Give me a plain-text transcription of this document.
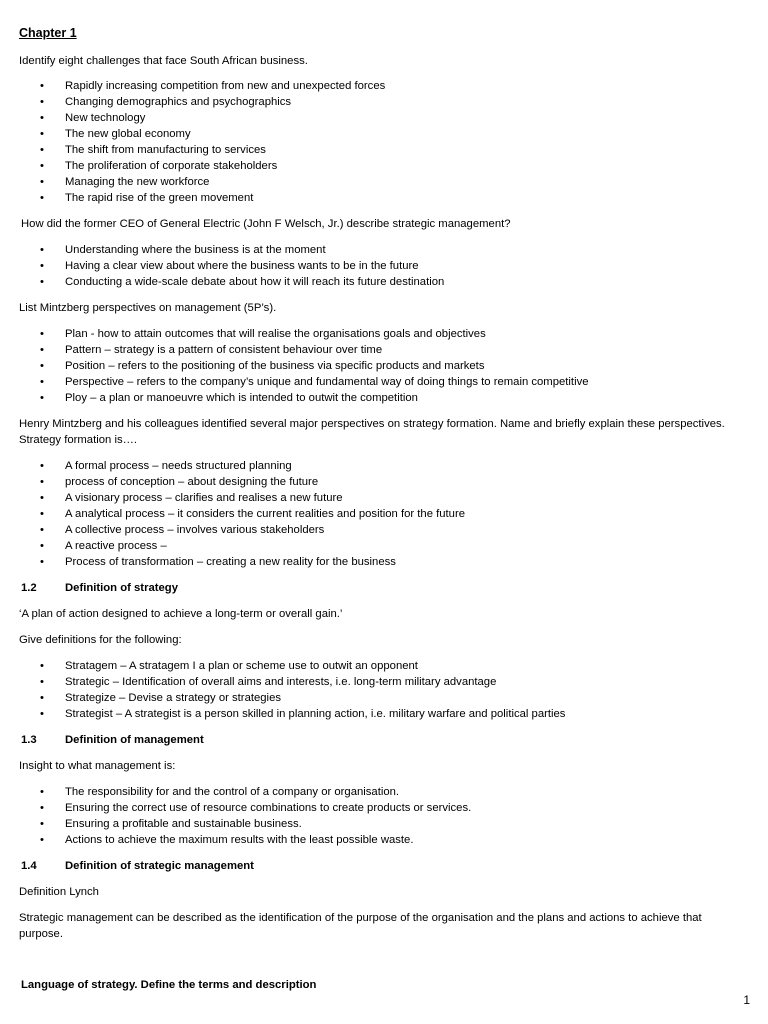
Chapter 1

Identify eight challenges that face South African business.

• Rapidly increasing competition from new and unexpected forces
• Changing demographics and psychographics
• New technology
• The new global economy
• The shift from manufacturing to services
• The proliferation of corporate stakeholders
• Managing the new workforce
• The rapid rise of the green movement

How did the former CEO of General Electric (John F Welsch, Jr.) describe strategic management?

• Understanding where the business is at the moment
• Having a clear view about where the business wants to be in the future
• Conducting a wide-scale debate about how it will reach its future destination

List Mintzberg perspectives on management (5P’s).

• Plan - how to attain outcomes that will realise the organisations goals and objectives
• Pattern – strategy is a pattern of consistent behaviour over time
• Position – refers to the positioning of the business via specific products and markets
• Perspective – refers to the company’s unique and fundamental way of doing things to remain competitive
• Ploy – a plan or manoeuvre which is intended to outwit the competition

Henry Mintzberg and his colleagues identified several major perspectives on strategy formation. Name and briefly explain these perspectives. Strategy formation is….

• A formal process – needs structured planning
• process of conception – about designing the future
• A visionary process – clarifies and realises a new future
• A analytical process – it considers the current realities and position for the future
• A collective process – involves various stakeholders
• A reactive process –
• Process of transformation – creating a new reality for the business
1.2	Definition of strategy

‘A plan of action designed to achieve a long-term or overall gain.’

Give definitions for the following:

• Stratagem – A stratagem I a plan or scheme use to outwit an opponent
• Strategic – Identification of overall aims and interests, i.e. long-term military advantage
• Strategize – Devise a strategy or strategies
• Strategist – A strategist is a person skilled in planning action, i.e. military warfare and political parties
1.3	Definition of management

Insight to what management is:

• The responsibility for and the control of a company or organisation.
• Ensuring the correct use of resource combinations to create products or services.
• Ensuring a profitable and sustainable business.
• Actions to achieve the maximum results with the least possible waste.
1.4	Definition of strategic management

Definition Lynch

Strategic management can be described as the identification of the purpose of the organisation and the plans and actions to achieve that purpose.

Language of strategy. Define the terms and description

1
